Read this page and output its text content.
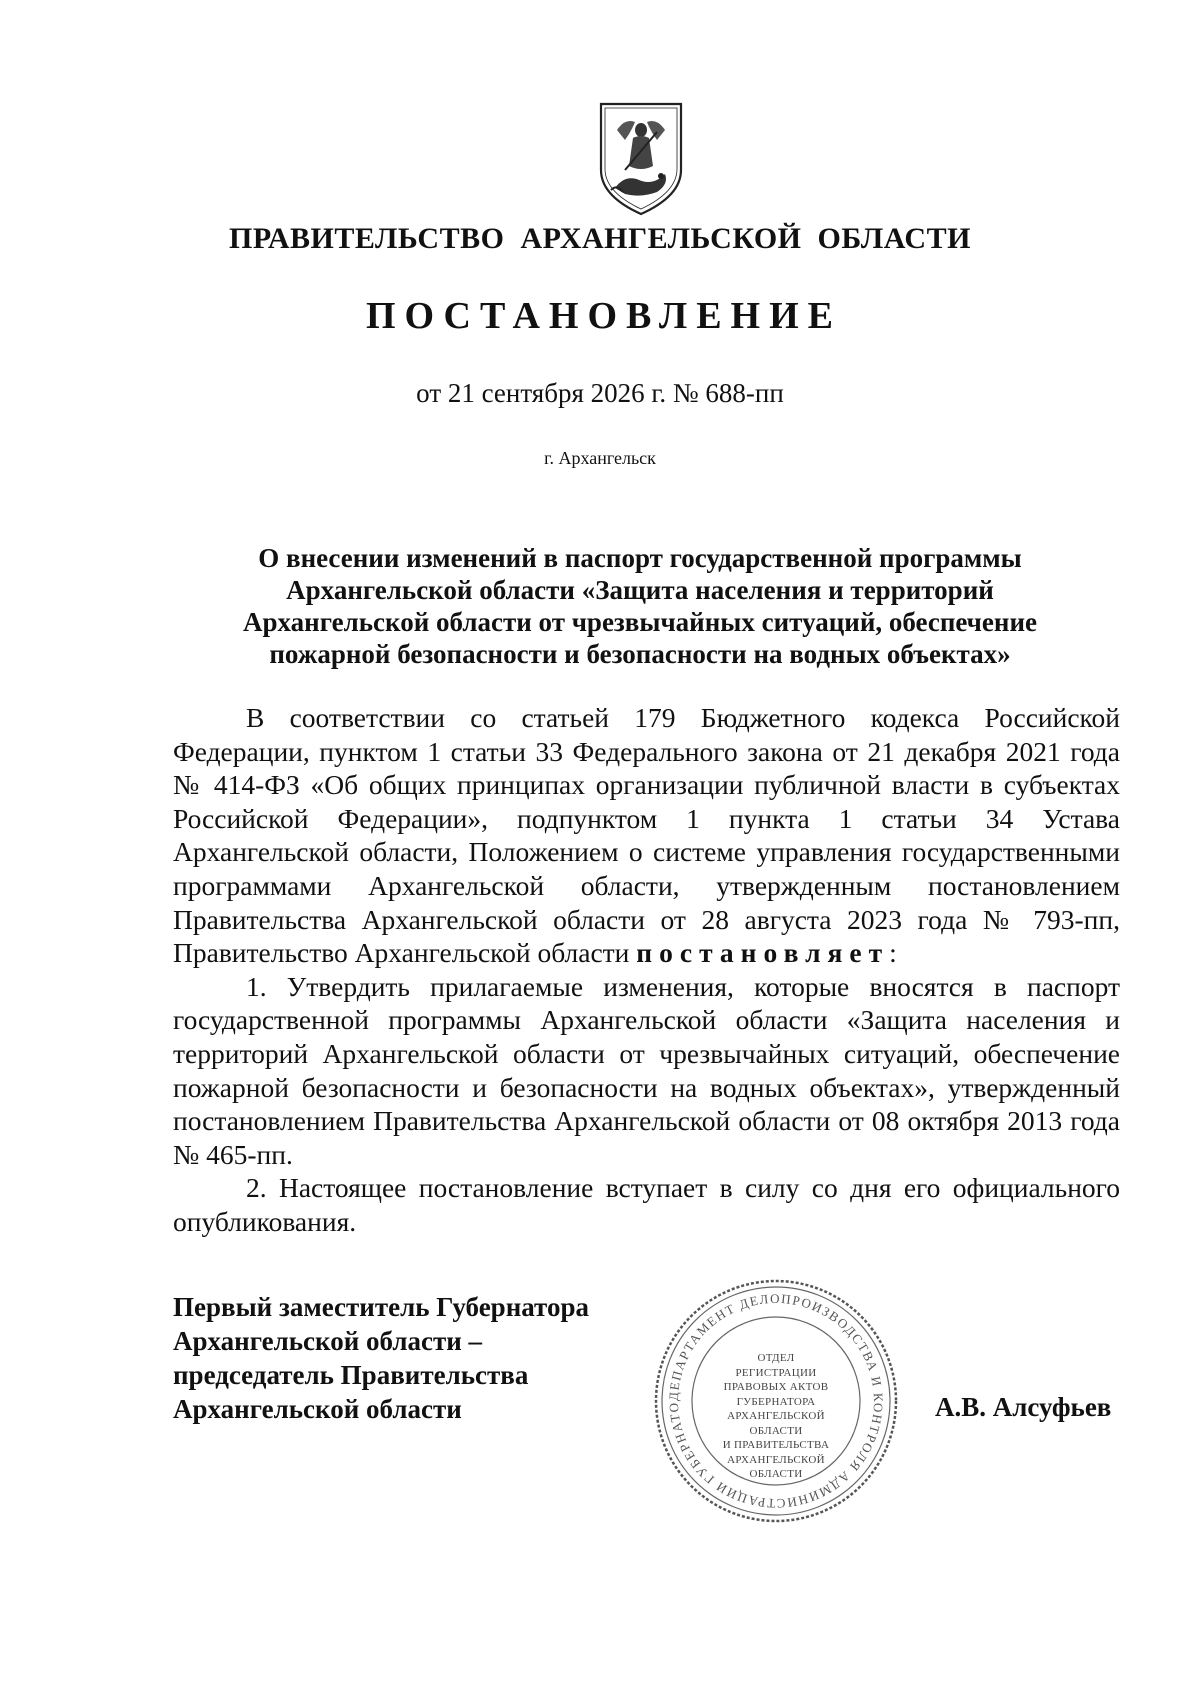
ПРАВИТЕЛЬСТВО АРХАНГЕЛЬСКОЙ ОБЛАСТИ
ПОСТАНОВЛЕНИЕ
от 21 сентября 2026 г. № 688-пп
г. Архангельск
О внесении изменений в паспорт государственной программы
Архангельской области «Защита населения и территорий
Архангельской области от чрезвычайных ситуаций, обеспечение
пожарной безопасности и безопасности на водных объектах»

В соответствии со статьей 179 Бюджетного кодекса Российской Федерации, пунктом 1 статьи 33 Федерального закона от 21 декабря 2021 года № 414-ФЗ «Об общих принципах организации публичной власти в субъектах Российской Федерации», подпунктом 1 пункта 1 статьи 34 Устава Архангельской области, Положением о системе управления государственными программами Архангельской области, утвержденным постановлением Правительства Архангельской области от 28 августа 2023 года № 793-пп, Правительство Архангельской области постановляет:

1. Утвердить прилагаемые изменения, которые вносятся в паспорт государственной программы Архангельской области «Защита населения и территорий Архангельской области от чрезвычайных ситуаций, обеспечение пожарной безопасности и безопасности на водных объектах», утвержденный постановлением Правительства Архангельской области от 08 октября 2013 года № 465-пп.

2. Настоящее постановление вступает в силу со дня его официального опубликования.

Первый заместитель Губернатора
Архангельской области –
председатель Правительства
Архангельской области	ДЕПАРТАМЕНТ ДЕЛОПРОИЗВОДСТВА И КОНТРОЛЯ АДМИНИСТРАЦИИ ГУБЕРНАТО
ОТДЕЛ
РЕГИСТРАЦИИ
ПРАВОВЫХ АКТОВ
ГУБЕРНАТОРА
АРХАНГЕЛЬСКОЙ
ОБЛАСТИ
И ПРАВИТЕЛЬСТВА
АРХАНГЕЛЬСКОЙ
ОБЛАСТИ
А.В. Алсуфьев
